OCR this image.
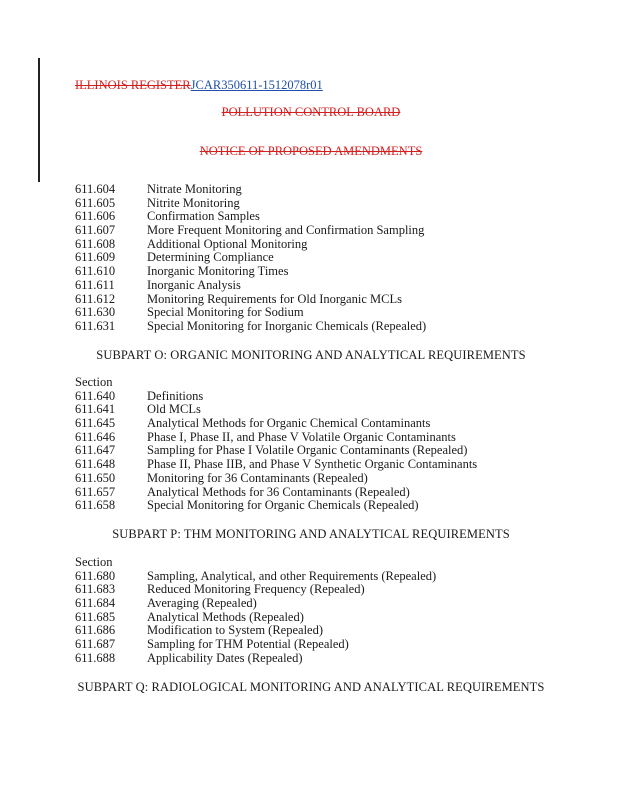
ILLINOIS REGISTERJCAR350611-1512078r01
POLLUTION CONTROL BOARD
NOTICE OF PROPOSED AMENDMENTS
611.604	Nitrate Monitoring
611.605	Nitrite Monitoring
611.606	Confirmation Samples
611.607	More Frequent Monitoring and Confirmation Sampling
611.608	Additional Optional Monitoring
611.609	Determining Compliance
611.610	Inorganic Monitoring Times
611.611	Inorganic Analysis
611.612	Monitoring Requirements for Old Inorganic MCLs
611.630	Special Monitoring for Sodium
611.631	Special Monitoring for Inorganic Chemicals (Repealed)
SUBPART O: ORGANIC MONITORING AND ANALYTICAL REQUIREMENTS
Section
611.640	Definitions
611.641	Old MCLs
611.645	Analytical Methods for Organic Chemical Contaminants
611.646	Phase I, Phase II, and Phase V Volatile Organic Contaminants
611.647	Sampling for Phase I Volatile Organic Contaminants (Repealed)
611.648	Phase II, Phase IIB, and Phase V Synthetic Organic Contaminants
611.650	Monitoring for 36 Contaminants (Repealed)
611.657	Analytical Methods for 36 Contaminants (Repealed)
611.658	Special Monitoring for Organic Chemicals (Repealed)
SUBPART P: THM MONITORING AND ANALYTICAL REQUIREMENTS
Section
611.680	Sampling, Analytical, and other Requirements (Repealed)
611.683	Reduced Monitoring Frequency (Repealed)
611.684	Averaging (Repealed)
611.685	Analytical Methods (Repealed)
611.686	Modification to System (Repealed)
611.687	Sampling for THM Potential (Repealed)
611.688	Applicability Dates (Repealed)
SUBPART Q: RADIOLOGICAL MONITORING AND ANALYTICAL REQUIREMENTS
